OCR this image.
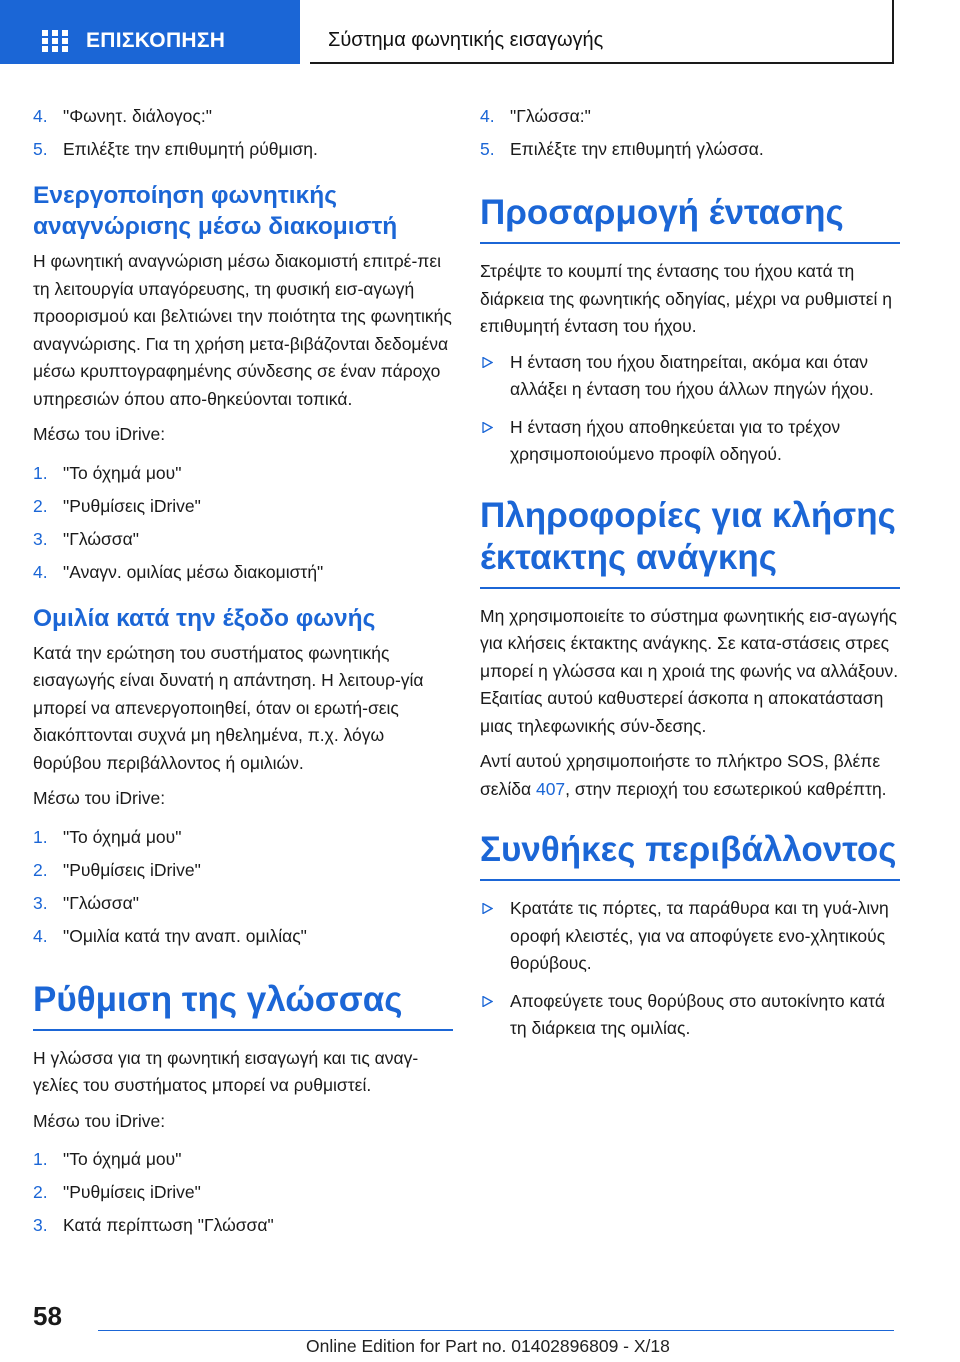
ΕΠΙΣΚΟΠΗΣΗ	Σύστημα φωνητικής εισαγωγής
4. "Φωνητ. διάλογος:"
5. Επιλέξτε την επιθυμητή ρύθμιση.
Ενεργοποίηση φωνητικής αναγνώρισης μέσω διακομιστή

Η φωνητική αναγνώριση μέσω διακομιστή επιτρέ-πει τη λειτουργία υπαγόρευσης, τη φυσική εισ-αγωγή προορισμού και βελτιώνει την ποιότητα της φωνητικής αναγνώρισης. Για τη χρήση μετα-βιβάζονται δεδομένα μέσω κρυπτογραφημένης σύνδεσης σε έναν πάροχο υπηρεσιών όπου απο-θηκεύονται τοπικά.

Μέσω του iDrive:

1. "Το όχημά μου"
2. "Ρυθμίσεις iDrive"
3. "Γλώσσα"
4. "Αναγν. ομιλίας μέσω διακομιστή"
Ομιλία κατά την έξοδο φωνής

Κατά την ερώτηση του συστήματος φωνητικής εισαγωγής είναι δυνατή η απάντηση. Η λειτουρ-γία μπορεί να απενεργοποιηθεί, όταν οι ερωτή-σεις διακόπτονται συχνά μη ηθελημένα, π.χ. λόγω θορύβου περιβάλλοντος ή ομιλιών.

Μέσω του iDrive:

1. "Το όχημά μου"
2. "Ρυθμίσεις iDrive"
3. "Γλώσσα"
4. "Ομιλία κατά την αναπ. ομιλίας"
Ρύθμιση της γλώσσας

Η γλώσσα για τη φωνητική εισαγωγή και τις αναγ-γελίες του συστήματος μπορεί να ρυθμιστεί.

Μέσω του iDrive:

1. "Το όχημά μου"
2. "Ρυθμίσεις iDrive"
3. Κατά περίπτωση "Γλώσσα"
4. "Γλώσσα:"
5. Επιλέξτε την επιθυμητή γλώσσα.
Προσαρμογή έντασης

Στρέψτε το κουμπί της έντασης του ήχου κατά τη διάρκεια της φωνητικής οδηγίας, μέχρι να ρυθμιστεί η επιθυμητή ένταση του ήχου.

Η ένταση του ήχου διατηρείται, ακόμα και όταν αλλάξει η ένταση του ήχου άλλων πηγών ήχου.
Η ένταση ήχου αποθηκεύεται για το τρέχον χρησιμοποιούμενο προφίλ οδηγού.
Πληροφορίες για κλήσης έκτακτης ανάγκης

Μη χρησιμοποιείτε το σύστημα φωνητικής εισ-αγωγής για κλήσεις έκτακτης ανάγκης. Σε κατα-στάσεις στρες μπορεί η γλώσσα και η χροιά της φωνής να αλλάξουν. Εξαιτίας αυτού καθυστερεί άσκοπα η αποκατάσταση μιας τηλεφωνικής σύν-δεσης.

Αντί αυτού χρησιμοποιήστε το πλήκτρο SOS, βλέπε σελίδα 407, στην περιοχή του εσωτερικού καθρέπτη.

Συνθήκες περιβάλλοντος
Κρατάτε τις πόρτες, τα παράθυρα και τη γυά-λινη οροφή κλειστές, για να αποφύγετε ενο-χλητικούς θορύβους.
Αποφεύγετε τους θορύβους στο αυτοκίνητο κατά τη διάρκεια της ομιλίας.
58
Online Edition for Part no. 01402896809 - X/18
